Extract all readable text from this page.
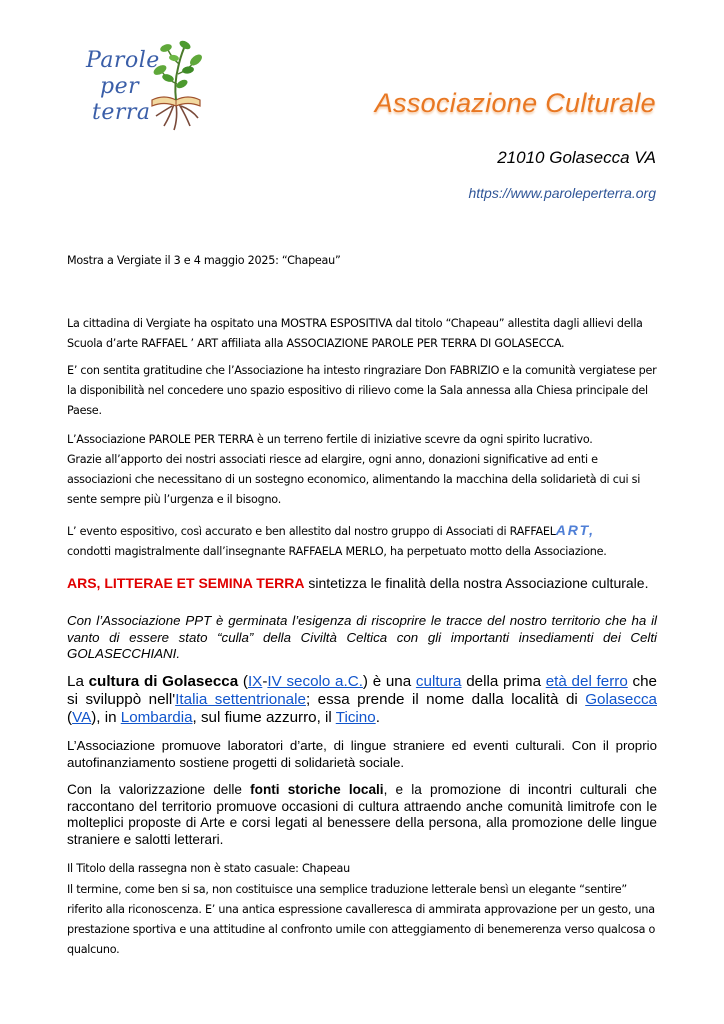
Parole
per
terra	Associazione Culturale
21010 Golasecca VA
https://www.paroleperterra.org
Mostra a Vergiate il 3 e 4 maggio 2025: “Chapeau”
La cittadina di Vergiate ha ospitato una MOSTRA ESPOSITIVA dal titolo “Chapeau” allestita dagli allievi della Scuola d’arte RAFFAEL ’ ART affiliata alla ASSOCIAZIONE PAROLE PER TERRA DI GOLASECCA.
E’ con sentita gratitudine che l’Associazione ha intesto ringraziare Don FABRIZIO e la comunità vergiatese per la disponibilità nel concedere uno spazio espositivo di rilievo come la Sala annessa alla Chiesa principale del Paese.
L’Associazione PAROLE PER TERRA è un terreno fertile di iniziative scevre da ogni spirito lucrativo.
Grazie all’apporto dei nostri associati riesce ad elargire, ogni anno, donazioni significative ad enti e associazioni che necessitano di un sostegno economico, alimentando la macchina della solidarietà di cui si sente sempre più l’urgenza e il bisogno.
L’ evento espositivo, così accurato e ben allestito dal nostro gruppo di Associati di RAFFAELART,
condotti magistralmente dall’insegnante RAFFAELA MERLO, ha perpetuato motto della Associazione.
ARS, LITTERAE ET SEMINA TERRA sintetizza le finalità della nostra Associazione culturale.
Con l’Associazione PPT è germinata l’esigenza di riscoprire le tracce del nostro territorio che ha il vanto di essere stato “culla” della Civiltà Celtica con gli importanti insediamenti dei Celti GOLASECCHIANI.
La cultura di Golasecca (IX-IV secolo a.C.) è una cultura della prima età del ferro che si sviluppò nell'Italia settentrionale; essa prende il nome dalla località di Golasecca (VA), in Lombardia, sul fiume azzurro, il Ticino.
L’Associazione promuove laboratori d’arte, di lingue straniere ed eventi culturali. Con il proprio autofinanziamento sostiene progetti di solidarietà sociale.
Con la valorizzazione delle fonti storiche locali, e la promozione di incontri culturali che raccontano del territorio promuove occasioni di cultura attraendo anche comunità limitrofe con le molteplici proposte di Arte e corsi legati al benessere della persona, alla promozione delle lingue straniere e salotti letterari.
Il Titolo della rassegna non è stato casuale: Chapeau
Il termine, come ben si sa, non costituisce una semplice traduzione letterale bensì un elegante “sentire” riferito alla riconoscenza. E’ una antica espressione cavalleresca di ammirata approvazione per un gesto, una prestazione sportiva e una attitudine al confronto umile con atteggiamento di benemerenza verso qualcosa o qualcuno.
